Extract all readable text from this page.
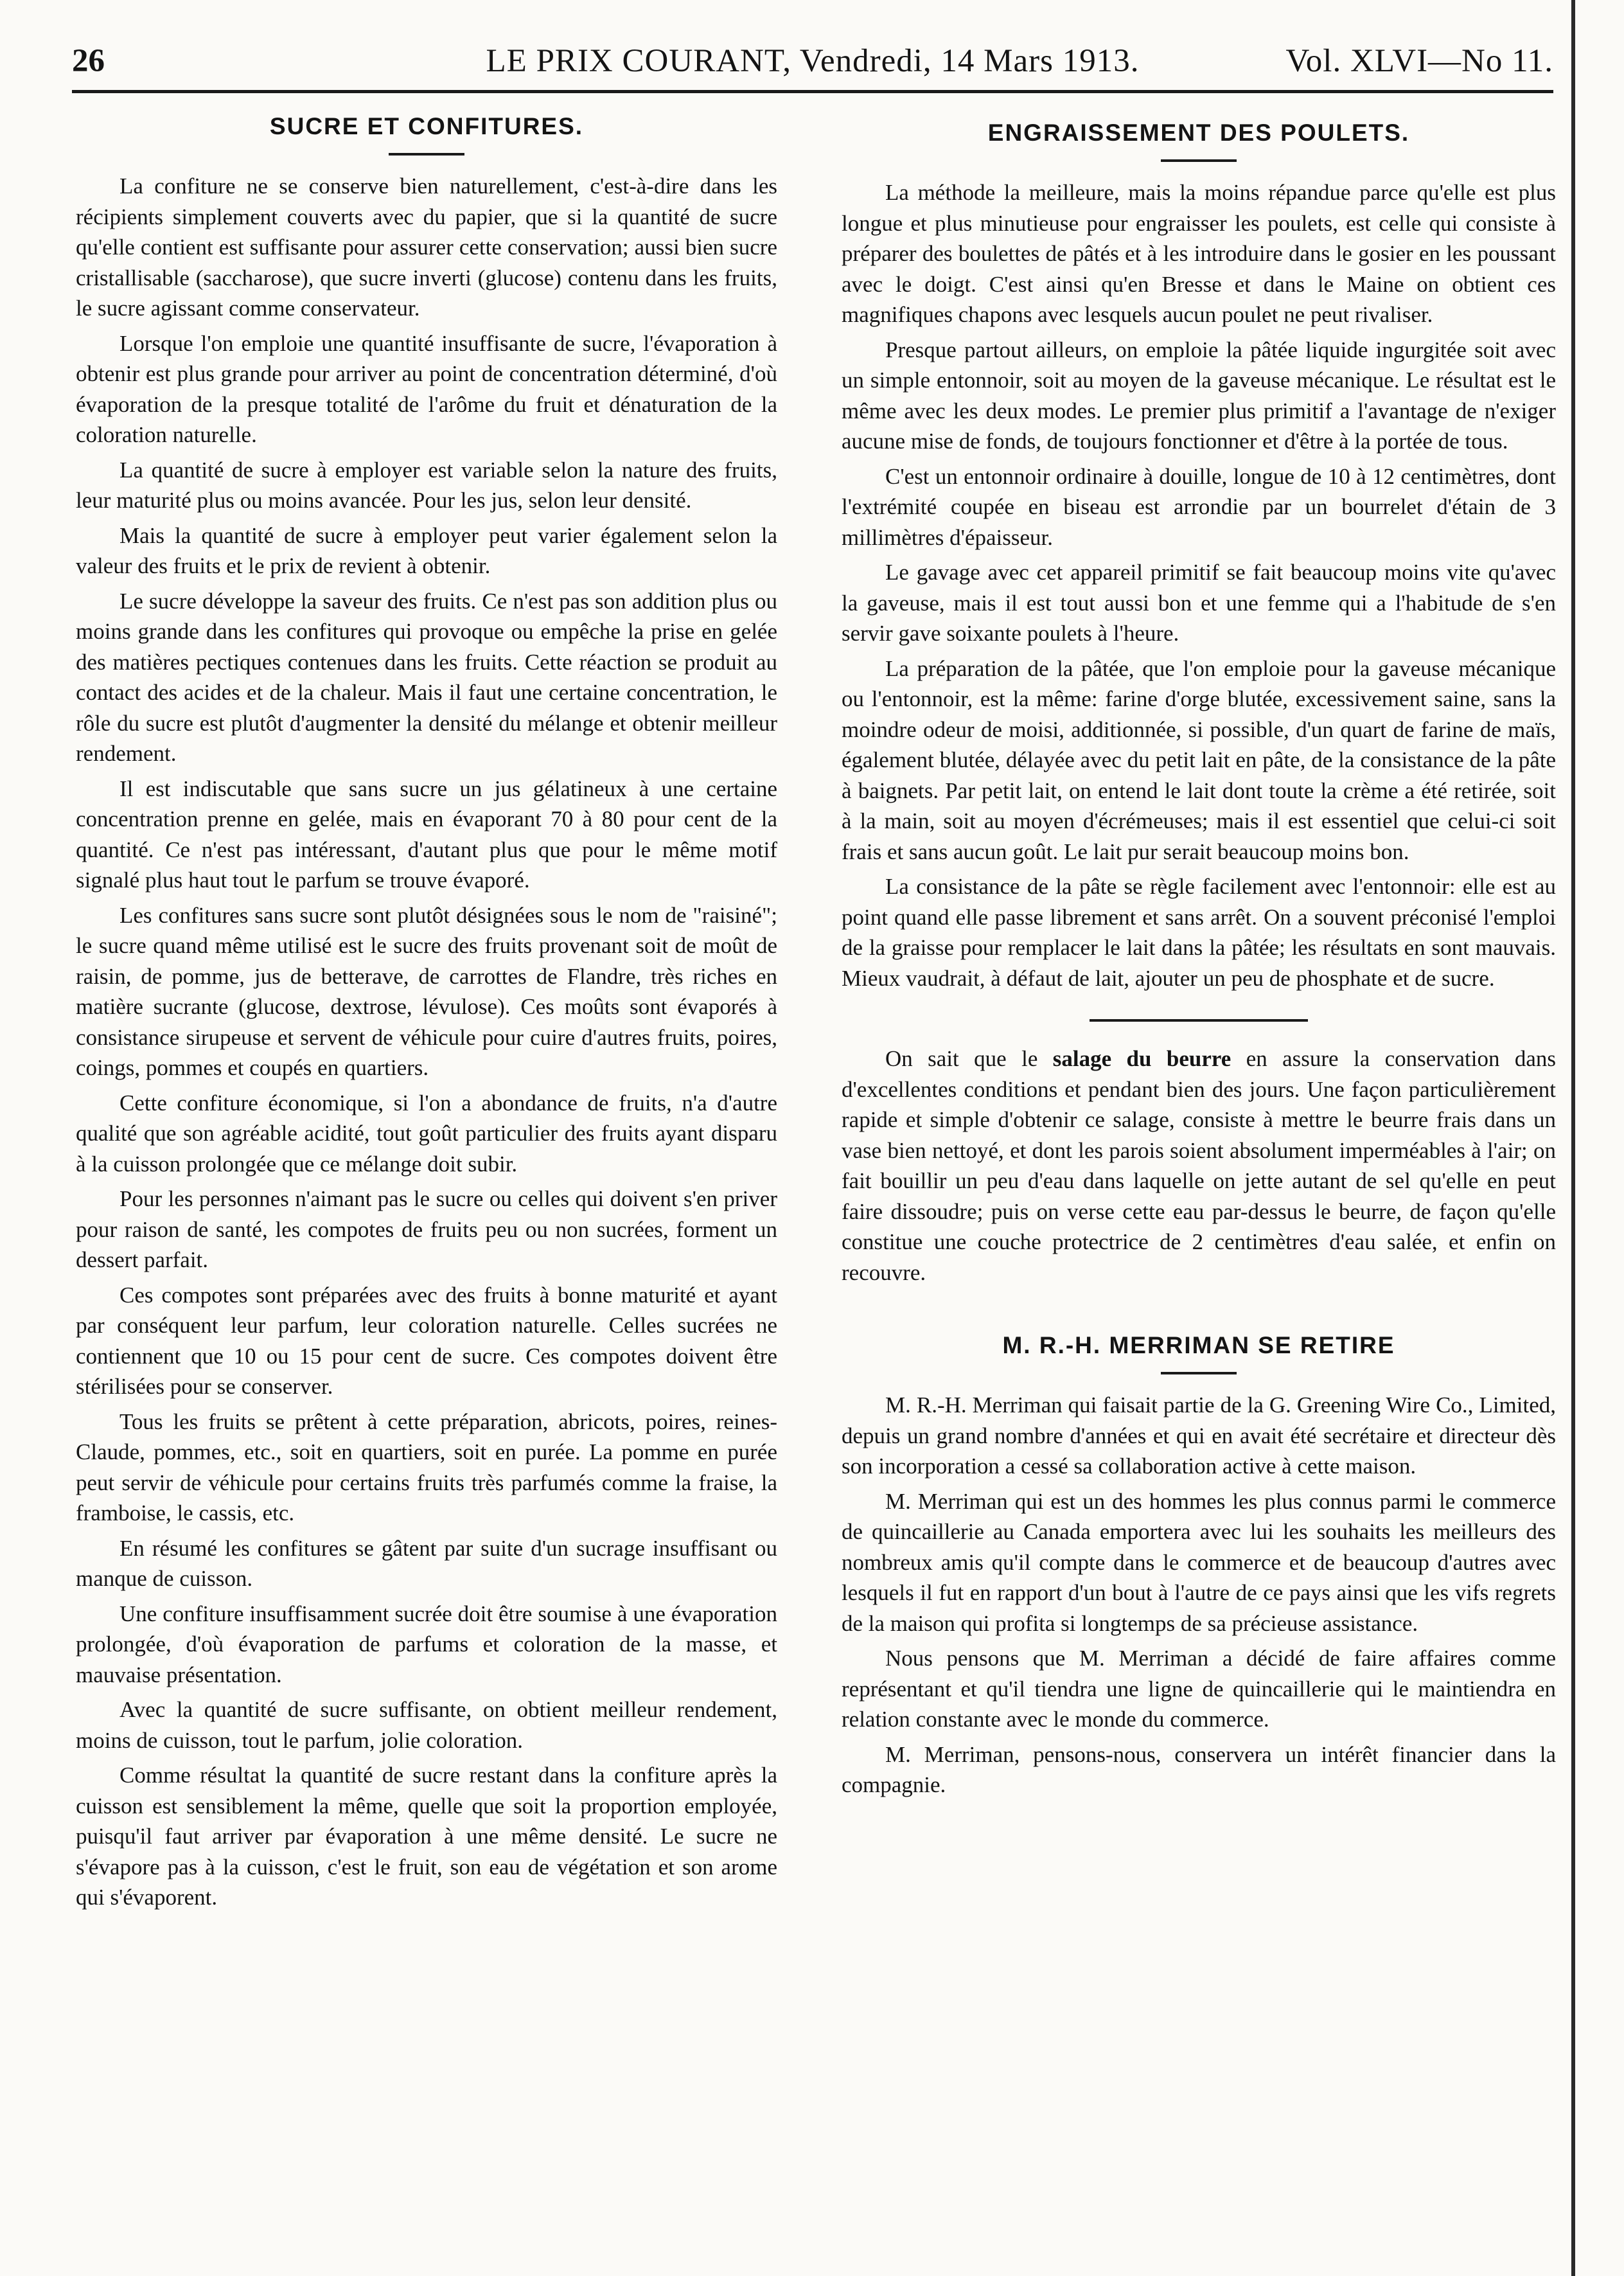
26	LE PRIX COURANT, Vendredi, 14 Mars 1913.	Vol. XLVI—No 11.
SUCRE ET CONFITURES.

La confiture ne se conserve bien naturellement, c'est-à-dire dans les récipients simplement couverts avec du papier, que si la quantité de sucre qu'elle contient est suffisante pour assurer cette conservation; aussi bien sucre cristallisable (saccharose), que sucre inverti (glucose) contenu dans les fruits, le sucre agissant comme conservateur.

Lorsque l'on emploie une quantité insuffisante de sucre, l'évaporation à obtenir est plus grande pour arriver au point de concentration déterminé, d'où évaporation de la presque totalité de l'arôme du fruit et dénaturation de la coloration naturelle.

La quantité de sucre à employer est variable selon la nature des fruits, leur maturité plus ou moins avancée. Pour les jus, selon leur densité.

Mais la quantité de sucre à employer peut varier également selon la valeur des fruits et le prix de revient à obtenir.

Le sucre développe la saveur des fruits. Ce n'est pas son addition plus ou moins grande dans les confitures qui provoque ou empêche la prise en gelée des matières pectiques contenues dans les fruits. Cette réaction se produit au contact des acides et de la chaleur. Mais il faut une certaine concentration, le rôle du sucre est plutôt d'augmenter la densité du mélange et obtenir meilleur rendement.

Il est indiscutable que sans sucre un jus gélatineux à une certaine concentration prenne en gelée, mais en évaporant 70 à 80 pour cent de la quantité. Ce n'est pas intéressant, d'autant plus que pour le même motif signalé plus haut tout le parfum se trouve évaporé.

Les confitures sans sucre sont plutôt désignées sous le nom de "raisiné"; le sucre quand même utilisé est le sucre des fruits provenant soit de moût de raisin, de pomme, jus de betterave, de carrottes de Flandre, très riches en matière sucrante (glucose, dextrose, lévulose). Ces moûts sont évaporés à consistance sirupeuse et servent de véhicule pour cuire d'autres fruits, poires, coings, pommes et coupés en quartiers.

Cette confiture économique, si l'on a abondance de fruits, n'a d'autre qualité que son agréable acidité, tout goût particulier des fruits ayant disparu à la cuisson prolongée que ce mélange doit subir.

Pour les personnes n'aimant pas le sucre ou celles qui doivent s'en priver pour raison de santé, les compotes de fruits peu ou non sucrées, forment un dessert parfait.

Ces compotes sont préparées avec des fruits à bonne maturité et ayant par conséquent leur parfum, leur coloration naturelle. Celles sucrées ne contiennent que 10 ou 15 pour cent de sucre. Ces compotes doivent être stérilisées pour se conserver.

Tous les fruits se prêtent à cette préparation, abricots, poires, reines-Claude, pommes, etc., soit en quartiers, soit en purée. La pomme en purée peut servir de véhicule pour certains fruits très parfumés comme la fraise, la framboise, le cassis, etc.

En résumé les confitures se gâtent par suite d'un sucrage insuffisant ou manque de cuisson.

Une confiture insuffisamment sucrée doit être soumise à une évaporation prolongée, d'où évaporation de parfums et coloration de la masse, et mauvaise présentation.

Avec la quantité de sucre suffisante, on obtient meilleur rendement, moins de cuisson, tout le parfum, jolie coloration.

Comme résultat la quantité de sucre restant dans la confiture après la cuisson est sensiblement la même, quelle que soit la proportion employée, puisqu'il faut arriver par évaporation à une même densité. Le sucre ne s'évapore pas à la cuisson, c'est le fruit, son eau de végétation et son arome qui s'évaporent.

ENGRAISSEMENT DES POULETS.

La méthode la meilleure, mais la moins répandue parce qu'elle est plus longue et plus minutieuse pour engraisser les poulets, est celle qui consiste à préparer des boulettes de pâtés et à les introduire dans le gosier en les poussant avec le doigt. C'est ainsi qu'en Bresse et dans le Maine on obtient ces magnifiques chapons avec lesquels aucun poulet ne peut rivaliser.

Presque partout ailleurs, on emploie la pâtée liquide ingurgitée soit avec un simple entonnoir, soit au moyen de la gaveuse mécanique. Le résultat est le même avec les deux modes. Le premier plus primitif a l'avantage de n'exiger aucune mise de fonds, de toujours fonctionner et d'être à la portée de tous.

C'est un entonnoir ordinaire à douille, longue de 10 à 12 centimètres, dont l'extrémité coupée en biseau est arrondie par un bourrelet d'étain de 3 millimètres d'épaisseur.

Le gavage avec cet appareil primitif se fait beaucoup moins vite qu'avec la gaveuse, mais il est tout aussi bon et une femme qui a l'habitude de s'en servir gave soixante poulets à l'heure.

La préparation de la pâtée, que l'on emploie pour la gaveuse mécanique ou l'entonnoir, est la même: farine d'orge blutée, excessivement saine, sans la moindre odeur de moisi, additionnée, si possible, d'un quart de farine de maïs, également blutée, délayée avec du petit lait en pâte, de la consistance de la pâte à baignets. Par petit lait, on entend le lait dont toute la crème a été retirée, soit à la main, soit au moyen d'écrémeuses; mais il est essentiel que celui-ci soit frais et sans aucun goût. Le lait pur serait beaucoup moins bon.

La consistance de la pâte se règle facilement avec l'entonnoir: elle est au point quand elle passe librement et sans arrêt. On a souvent préconisé l'emploi de la graisse pour remplacer le lait dans la pâtée; les résultats en sont mauvais. Mieux vaudrait, à défaut de lait, ajouter un peu de phosphate et de sucre.

On sait que le salage du beurre en assure la conservation dans d'excellentes conditions et pendant bien des jours. Une façon particulièrement rapide et simple d'obtenir ce salage, consiste à mettre le beurre frais dans un vase bien nettoyé, et dont les parois soient absolument imperméables à l'air; on fait bouillir un peu d'eau dans laquelle on jette autant de sel qu'elle en peut faire dissoudre; puis on verse cette eau par-dessus le beurre, de façon qu'elle constitue une couche protectrice de 2 centimètres d'eau salée, et enfin on recouvre.

M. R.-H. MERRIMAN SE RETIRE

M. R.-H. Merriman qui faisait partie de la G. Greening Wire Co., Limited, depuis un grand nombre d'années et qui en avait été secrétaire et directeur dès son incorporation a cessé sa collaboration active à cette maison.

M. Merriman qui est un des hommes les plus connus parmi le commerce de quincaillerie au Canada emportera avec lui les souhaits les meilleurs des nombreux amis qu'il compte dans le commerce et de beaucoup d'autres avec lesquels il fut en rapport d'un bout à l'autre de ce pays ainsi que les vifs regrets de la maison qui profita si longtemps de sa précieuse assistance.

Nous pensons que M. Merriman a décidé de faire affaires comme représentant et qu'il tiendra une ligne de quincaillerie qui le maintiendra en relation constante avec le monde du commerce.

M. Merriman, pensons-nous, conservera un intérêt financier dans la compagnie.
